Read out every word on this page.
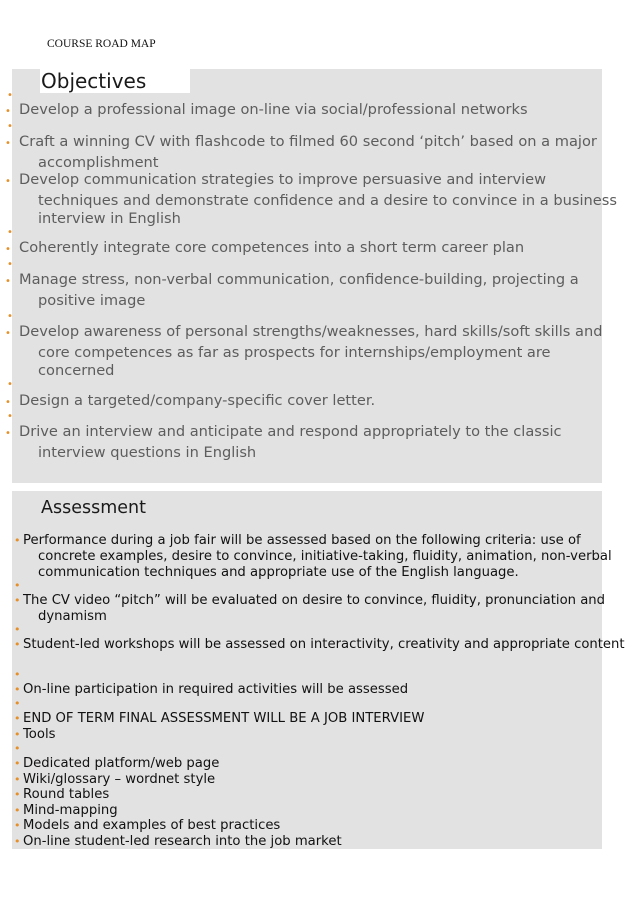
COURSE ROAD MAP
Objectives
•
• Develop a professional image on-line via social/professional networks
•
• Craft a winning CV with flashcode to filmed 60 second ‘pitch’ based on a major accomplishment
• Develop communication strategies to improve persuasive and interview techniques and demonstrate confidence and a desire to convince in a business interview in English
•
• Coherently integrate core competences into a short term career plan
•
• Manage stress, non-verbal communication, confidence-building, projecting a positive image
•
• Develop awareness of personal strengths/weaknesses, hard skills/soft skills and core competences as far as prospects for internships/employment are concerned
•
• Design a targeted/company-specific cover letter.
•
• Drive an interview and anticipate and respond appropriately to the classic interview questions in English
Assessment
• Performance during a job fair will be assessed based on the following criteria: use of concrete examples, desire to convince, initiative-taking, fluidity, animation, non-verbal communication techniques and appropriate use of the English language.
•
• The CV video “pitch” will be evaluated on desire to convince, fluidity, pronunciation and dynamism
•
• Student-led workshops will be assessed on interactivity, creativity and appropriate content
•
• On-line participation in required activities will be assessed
•
• END OF TERM FINAL ASSESSMENT WILL BE A JOB INTERVIEW
• Tools
•
• Dedicated platform/web page
• Wiki/glossary – wordnet style
• Round tables
• Mind-mapping
• Models and examples of best practices
• On-line student-led research into the job market
